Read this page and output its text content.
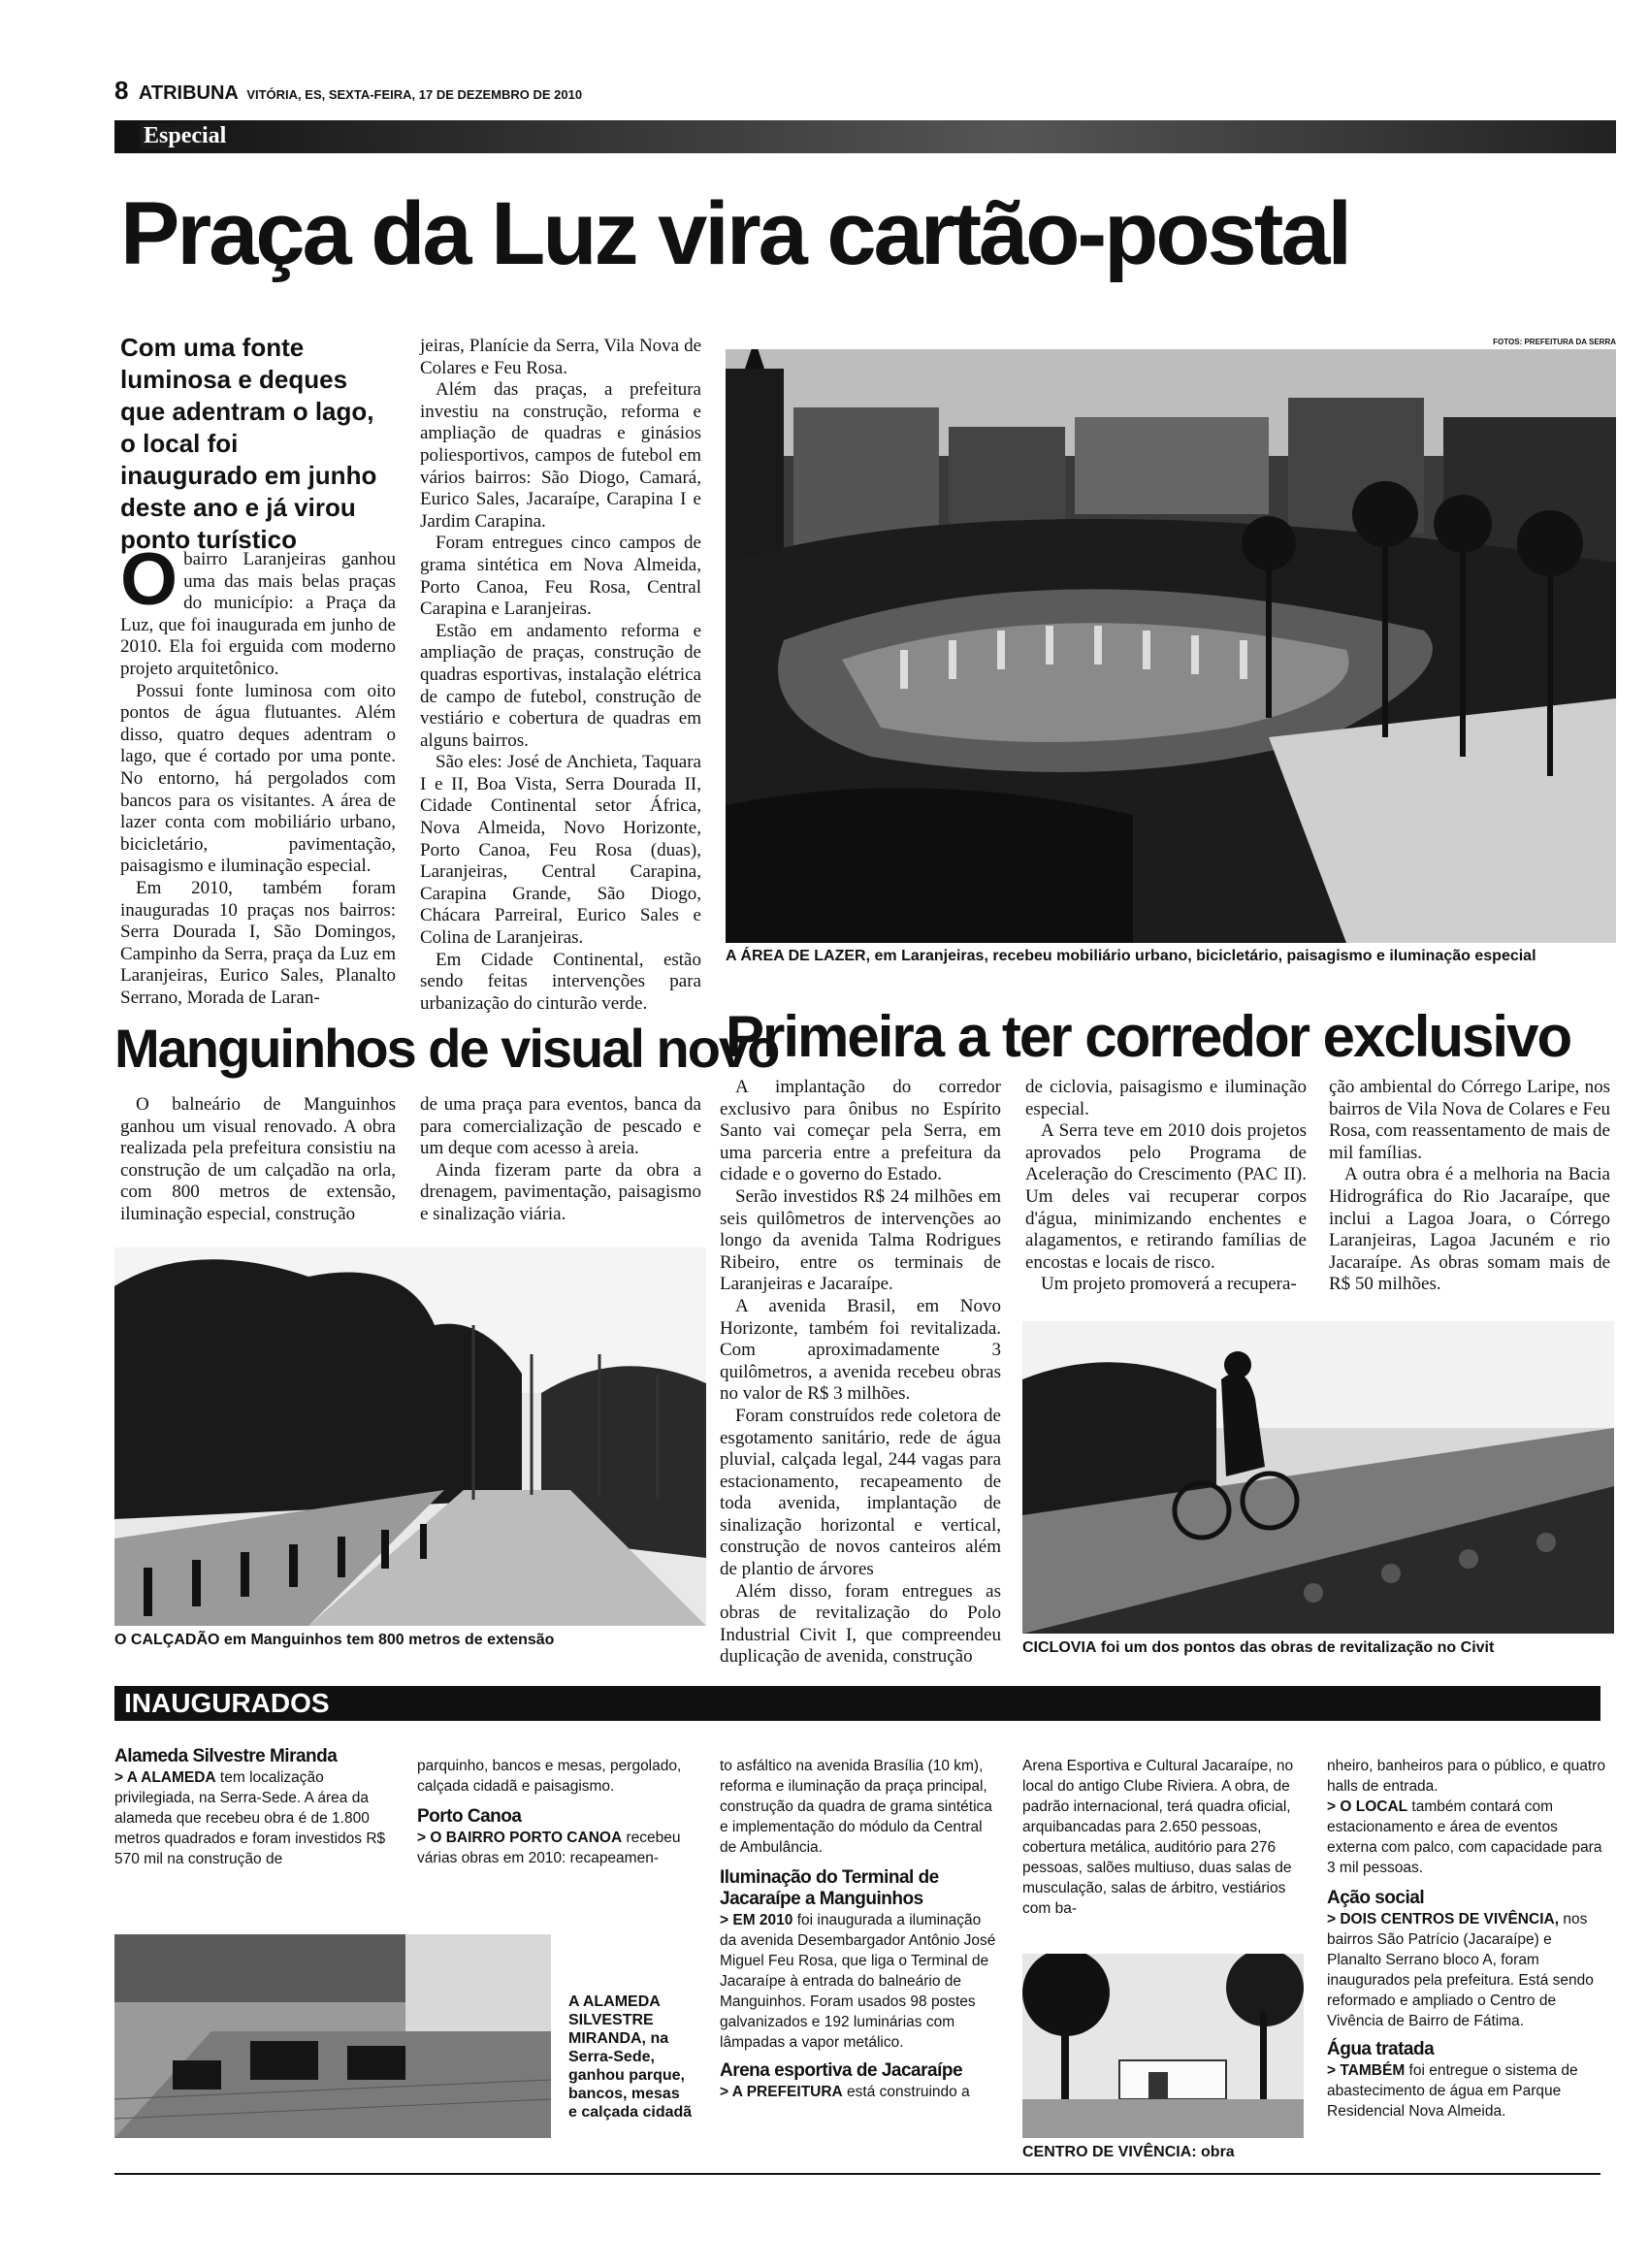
8 ATRIBUNA VITÓRIA, ES, SEXTA-FEIRA, 17 DE DEZEMBRO DE 2010
Especial
Praça da Luz vira cartão-postal
Com uma fonte luminosa e deques que adentram o lago, o local foi inaugurado em junho deste ano e já virou ponto turístico

Obairro Laranjeiras ganhou uma das mais belas praças do município: a Praça da Luz, que foi inaugurada em junho de 2010. Ela foi erguida com moderno projeto arquitetônico.

Possui fonte luminosa com oito pontos de água flutuantes. Além disso, quatro deques adentram o lago, que é cortado por uma ponte. No entorno, há pergolados com bancos para os visitantes. A área de lazer conta com mobiliário urbano, bicicletário, pavimentação, paisagismo e iluminação especial.

Em 2010, também foram inauguradas 10 praças nos bairros: Serra Dourada I, São Domingos, Campinho da Serra, praça da Luz em Laranjeiras, Eurico Sales, Planalto Serrano, Morada de Laran-

jeiras, Planície da Serra, Vila Nova de Colares e Feu Rosa.

Além das praças, a prefeitura investiu na construção, reforma e ampliação de quadras e ginásios poliesportivos, campos de futebol em vários bairros: São Diogo, Camará, Eurico Sales, Jacaraípe, Carapina I e Jardim Carapina.

Foram entregues cinco campos de grama sintética em Nova Almeida, Porto Canoa, Feu Rosa, Central Carapina e Laranjeiras.

Estão em andamento reforma e ampliação de praças, construção de quadras esportivas, instalação elétrica de campo de futebol, construção de vestiário e cobertura de quadras em alguns bairros.

São eles: José de Anchieta, Taquara I e II, Boa Vista, Serra Dourada II, Cidade Continental setor África, Nova Almeida, Novo Horizonte, Porto Canoa, Feu Rosa (duas), Laranjeiras, Central Carapina, Carapina Grande, São Diogo, Chácara Parreiral, Eurico Sales e Colina de Laranjeiras.

Em Cidade Continental, estão sendo feitas intervenções para urbanização do cinturão verde.

FOTOS: PREFEITURA DA SERRA
A ÁREA DE LAZER, em Laranjeiras, recebeu mobiliário urbano, bicicletário, paisagismo e iluminação especial
Manguinhos de visual novo

O balneário de Manguinhos ganhou um visual renovado. A obra realizada pela prefeitura consistiu na construção de um calçadão na orla, com 800 metros de extensão, iluminação especial, construção

de uma praça para eventos, banca da para comercialização de pescado e um deque com acesso à areia.

Ainda fizeram parte da obra a drenagem, pavimentação, paisagismo e sinalização viária.

O CALÇADÃO em Manguinhos tem 800 metros de extensão
Primeira a ter corredor exclusivo

A implantação do corredor exclusivo para ônibus no Espírito Santo vai começar pela Serra, em uma parceria entre a prefeitura da cidade e o governo do Estado.

Serão investidos R$ 24 milhões em seis quilômetros de intervenções ao longo da avenida Talma Rodrigues Ribeiro, entre os terminais de Laranjeiras e Jacaraípe.

A avenida Brasil, em Novo Horizonte, também foi revitalizada. Com aproximadamente 3 quilômetros, a avenida recebeu obras no valor de R$ 3 milhões.

Foram construídos rede coletora de esgotamento sanitário, rede de água pluvial, calçada legal, 244 vagas para estacionamento, recapeamento de toda avenida, implantação de sinalização horizontal e vertical, construção de novos canteiros além de plantio de árvores

Além disso, foram entregues as obras de revitalização do Polo Industrial Civit I, que compreendeu duplicação de avenida, construção

de ciclovia, paisagismo e iluminação especial.

A Serra teve em 2010 dois projetos aprovados pelo Programa de Aceleração do Crescimento (PAC II). Um deles vai recuperar corpos d'água, minimizando enchentes e alagamentos, e retirando famílias de encostas e locais de risco.

Um projeto promoverá a recupera-

ção ambiental do Córrego Laripe, nos bairros de Vila Nova de Colares e Feu Rosa, com reassentamento de mais de mil famílias.

A outra obra é a melhoria na Bacia Hidrográfica do Rio Jacaraípe, que inclui a Lagoa Joara, o Córrego Laranjeiras, Lagoa Jacuném e rio Jacaraípe. As obras somam mais de R$ 50 milhões.

CICLOVIA foi um dos pontos das obras de revitalização no Civit
INAUGURADOS
Alameda Silvestre Miranda

> A ALAMEDA tem localização privilegiada, na Serra-Sede. A área da alameda que recebeu obra é de 1.800 metros quadrados e foram investidos R$ 570 mil na construção de

parquinho, bancos e mesas, pergolado, calçada cidadã e paisagismo.

Porto Canoa

> O BAIRRO PORTO CANOA recebeu várias obras em 2010: recapeamen-

to asfáltico na avenida Brasília (10 km), reforma e iluminação da praça principal, construção da quadra de grama sintética e implementação do módulo da Central de Ambulância.

Iluminação do Terminal de Jacaraípe a Manguinhos

> EM 2010 foi inaugurada a iluminação da avenida Desembargador Antônio José Miguel Feu Rosa, que liga o Terminal de Jacaraípe à entrada do balneário de Manguinhos. Foram usados 98 postes galvanizados e 192 luminárias com lâmpadas a vapor metálico.

Arena esportiva de Jacaraípe

> A PREFEITURA está construindo a

Arena Esportiva e Cultural Jacaraípe, no local do antigo Clube Riviera. A obra, de padrão internacional, terá quadra oficial, arquibancadas para 2.650 pessoas, cobertura metálica, auditório para 276 pessoas, salões multiuso, duas salas de musculação, salas de árbitro, vestiários com ba-

nheiro, banheiros para o público, e quatro halls de entrada.

> O LOCAL também contará com estacionamento e área de eventos externa com palco, com capacidade para 3 mil pessoas.

Ação social

> DOIS CENTROS DE VIVÊNCIA, nos bairros São Patrício (Jacaraípe) e Planalto Serrano bloco A, foram inaugurados pela prefeitura. Está sendo reformado e ampliado o Centro de Vivência de Bairro de Fátima.

Água tratada

> TAMBÉM foi entregue o sistema de abastecimento de água em Parque Residencial Nova Almeida.

A ALAMEDA SILVESTRE MIRANDA, na Serra-Sede, ganhou parque, bancos, mesas e calçada cidadã
CENTRO DE VIVÊNCIA: obra
